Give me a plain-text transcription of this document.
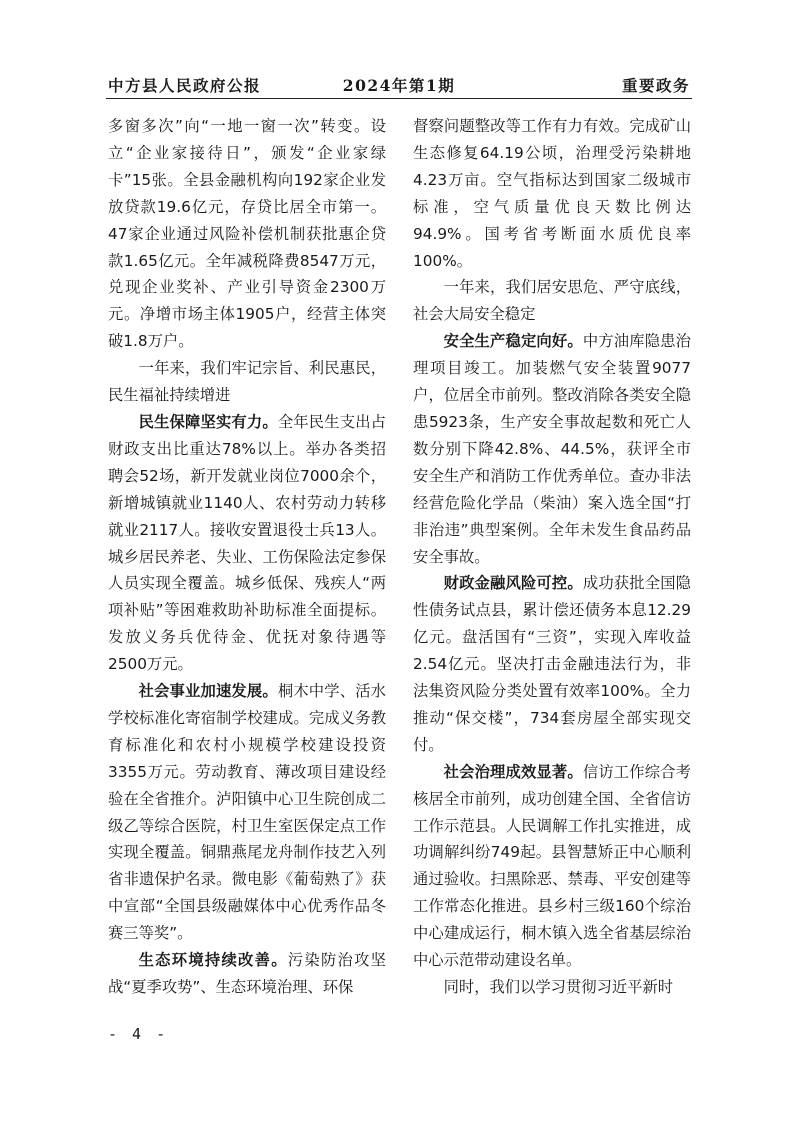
中方县人民政府公报	2024年第1期	重要政务

多窗多次”向“一地一窗一次”转变。设立“企业家接待日”，颁发“企业家绿卡”15张。全县金融机构向192家企业发放贷款19.6亿元，存贷比居全市第一。47家企业通过风险补偿机制获批惠企贷款1.65亿元。全年减税降费8547万元，兑现企业奖补、产业引导资金2300万元。净增市场主体1905户，经营主体突破1.8万户。

一年来，我们牢记宗旨、利民惠民，民生福祉持续增进

民生保障坚实有力。全年民生支出占财政支出比重达78%以上。举办各类招聘会52场，新开发就业岗位7000余个，新增城镇就业1140人、农村劳动力转移就业2117人。接收安置退役士兵13人。城乡居民养老、失业、工伤保险法定参保人员实现全覆盖。城乡低保、残疾人“两项补贴”等困难救助补助标准全面提标。发放义务兵优待金、优抚对象待遇等2500万元。

社会事业加速发展。桐木中学、活水学校标准化寄宿制学校建成。完成义务教育标准化和农村小规模学校建设投资3355万元。劳动教育、薄改项目建设经验在全省推介。泸阳镇中心卫生院创成二级乙等综合医院，村卫生室医保定点工作实现全覆盖。铜鼎燕尾龙舟制作技艺入列省非遗保护名录。微电影《葡萄熟了》获中宣部“全国县级融媒体中心优秀作品冬赛三等奖”。

生态环境持续改善。污染防治攻坚战“夏季攻势”、生态环境治理、环保

督察问题整改等工作有力有效。完成矿山生态修复64.19公顷，治理受污染耕地4.23万亩。空气指标达到国家二级城市标准，空气质量优良天数比例达94.9%。国考省考断面水质优良率100%。

一年来，我们居安思危、严守底线，社会大局安全稳定

安全生产稳定向好。中方油库隐患治理项目竣工。加装燃气安全装置9077户，位居全市前列。整改消除各类安全隐患5923条，生产安全事故起数和死亡人数分别下降42.8%、44.5%，获评全市安全生产和消防工作优秀单位。查办非法经营危险化学品（柴油）案入选全国“打非治违”典型案例。全年未发生食品药品安全事故。

财政金融风险可控。成功获批全国隐性债务试点县，累计偿还债务本息12.29亿元。盘活国有“三资”，实现入库收益2.54亿元。坚决打击金融违法行为，非法集资风险分类处置有效率100%。全力推动“保交楼”，734套房屋全部实现交付。

社会治理成效显著。信访工作综合考核居全市前列，成功创建全国、全省信访工作示范县。人民调解工作扎实推进，成功调解纠纷749起。县智慧矫正中心顺利通过验收。扫黑除恶、禁毒、平安创建等工作常态化推进。县乡村三级160个综治中心建成运行，桐木镇入选全省基层综治中心示范带动建设名单。

同时，我们以学习贯彻习近平新时

- 4 -
